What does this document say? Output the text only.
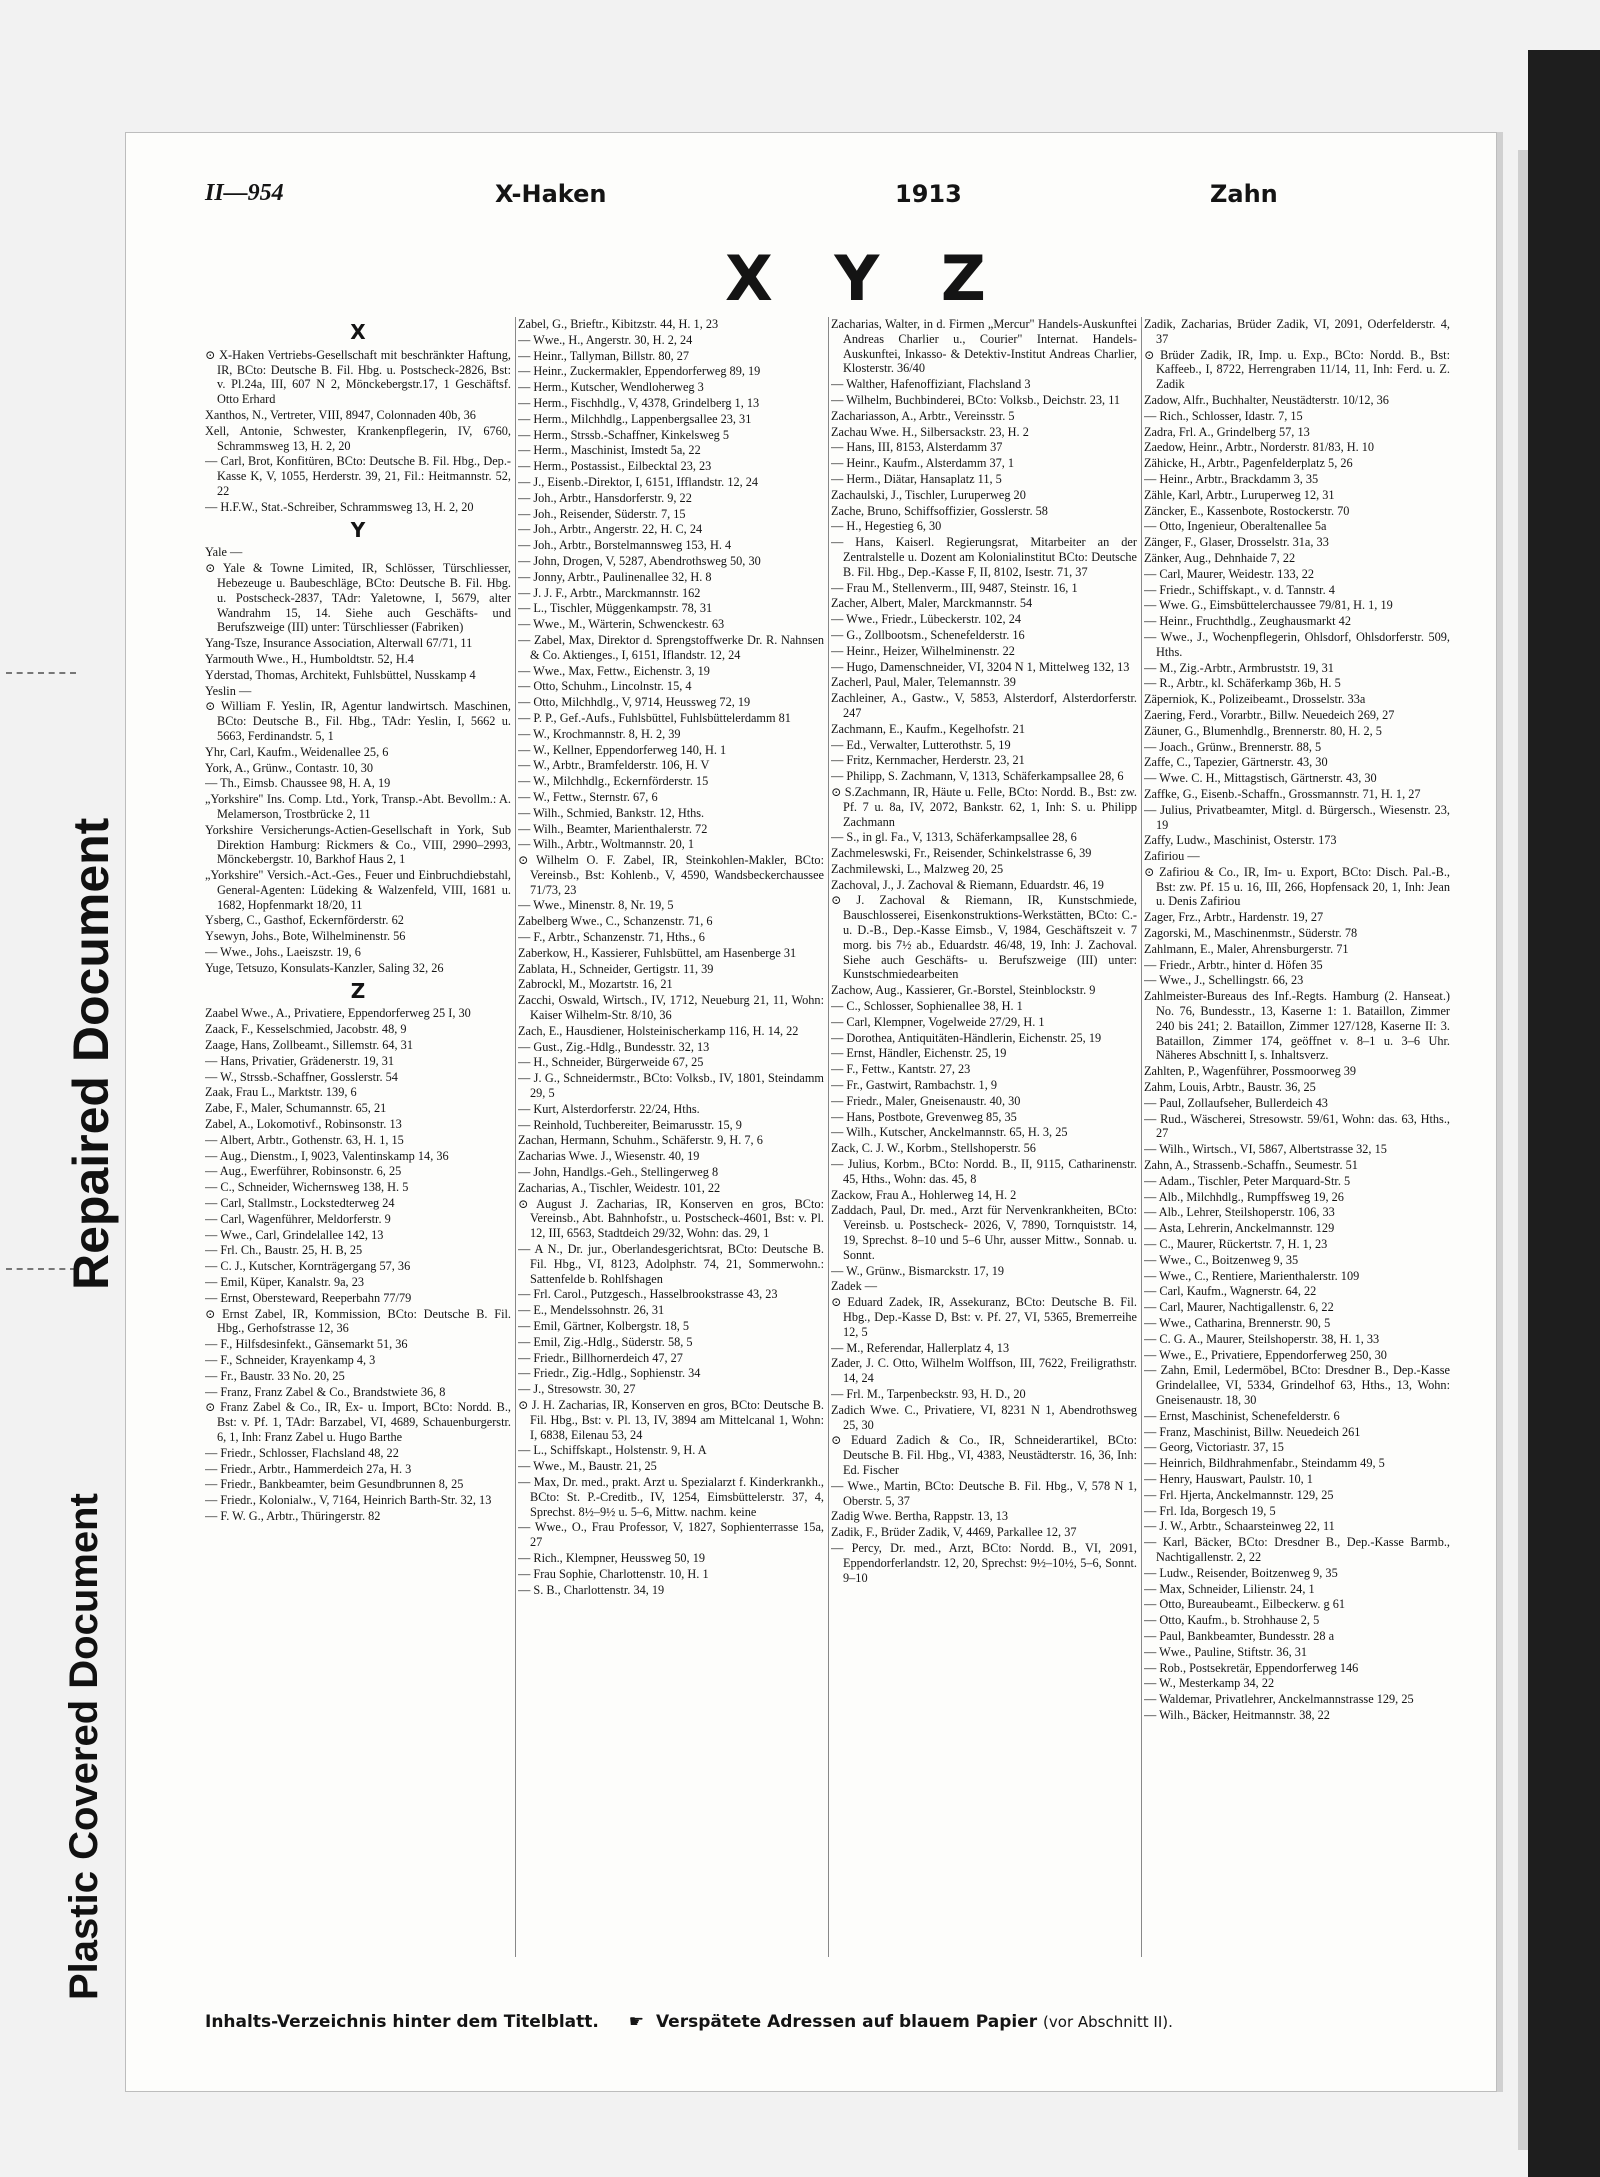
Repaired Document
Plastic Covered Document
II—954	X-Haken	1913	Zahn
X Y Z
X
⊙ X-Haken Vertriebs-Gesellschaft mit beschränkter Haftung, IR, BCto: Deutsche B. Fil. Hbg. u. Postscheck-2826, Bst: v. Pl.24a, III, 607 N 2, Mönckebergstr.17, 1 Geschäftsf. Otto Erhard
Xanthos, N., Vertreter, VIII, 8947, Colonnaden 40b, 36
Xell, Antonie, Schwester, Krankenpflegerin, IV, 6760, Schrammsweg 13, H. 2, 20
— Carl, Brot, Konfitüren, BCto: Deutsche B. Fil. Hbg., Dep.-Kasse K, V, 1055, Herderstr. 39, 21, Fil.: Heitmannstr. 52, 22
— H.F.W., Stat.-Schreiber, Schrammsweg 13, H. 2, 20
Y
Yale —
⊙ Yale & Towne Limited, IR, Schlösser, Türschliesser, Hebezeuge u. Baubeschläge, BCto: Deutsche B. Fil. Hbg. u. Postscheck-2837, TAdr: Yaletowne, I, 5679, alter Wandrahm 15, 14. Siehe auch Geschäfts- und Berufszweige (III) unter: Türschliesser (Fabriken)
Yang-Tsze, Insurance Association, Alterwall 67/71, 11
Yarmouth Wwe., H., Humboldtstr. 52, H.4
Yderstad, Thomas, Architekt, Fuhlsbüttel, Nusskamp 4
Yeslin —
⊙ William F. Yeslin, IR, Agentur landwirtsch. Maschinen, BCto: Deutsche B., Fil. Hbg., TAdr: Yeslin, I, 5662 u. 5663, Ferdinandstr. 5, 1
Yhr, Carl, Kaufm., Weidenallee 25, 6
York, A., Grünw., Contastr. 10, 30
— Th., Eimsb. Chaussee 98, H. A, 19
„Yorkshire" Ins. Comp. Ltd., York, Transp.-Abt. Bevollm.: A. Melamerson, Trostbrücke 2, 11
Yorkshire Versicherungs-Actien-Gesellschaft in York, Sub Direktion Hamburg: Rickmers & Co., VIII, 2990–2993, Mönckebergstr. 10, Barkhof Haus 2, 1
„Yorkshire" Versich.-Act.-Ges., Feuer und Einbruchdiebstahl, General-Agenten: Lüdeking & Walzenfeld, VIII, 1681 u. 1682, Hopfenmarkt 18/20, 11
Ysberg, C., Gasthof, Eckernförderstr. 62
Ysewyn, Johs., Bote, Wilhelminenstr. 56
— Wwe., Johs., Laeiszstr. 19, 6
Yuge, Tetsuzo, Konsulats-Kanzler, Saling 32, 26
Z
Zaabel Wwe., A., Privatiere, Eppendorferweg 25 I, 30
Zaack, F., Kesselschmied, Jacobstr. 48, 9
Zaage, Hans, Zollbeamt., Sillemstr. 64, 31
— Hans, Privatier, Grädenerstr. 19, 31
— W., Strssb.-Schaffner, Gosslerstr. 54
Zaak, Frau L., Marktstr. 139, 6
Zabe, F., Maler, Schumannstr. 65, 21
Zabel, A., Lokomotivf., Robinsonstr. 13
— Albert, Arbtr., Gothenstr. 63, H. 1, 15
— Aug., Dienstm., I, 9023, Valentinskamp 14, 36
— Aug., Ewerführer, Robinsonstr. 6, 25
— C., Schneider, Wichernsweg 138, H. 5
— Carl, Stallmstr., Lockstedterweg 24
— Carl, Wagenführer, Meldorferstr. 9
— Wwe., Carl, Grindelallee 142, 13
— Frl. Ch., Baustr. 25, H. B, 25
— C. J., Kutscher, Kornträgergang 57, 36
— Emil, Küper, Kanalstr. 9a, 23
— Ernst, Obersteward, Reeperbahn 77/79
⊙ Ernst Zabel, IR, Kommission, BCto: Deutsche B. Fil. Hbg., Gerhofstrasse 12, 36
— F., Hilfsdesinfekt., Gänsemarkt 51, 36
— F., Schneider, Krayenkamp 4, 3
— Fr., Baustr. 33 No. 20, 25
— Franz, Franz Zabel & Co., Brandstwiete 36, 8
⊙ Franz Zabel & Co., IR, Ex- u. Import, BCto: Nordd. B., Bst: v. Pf. 1, TAdr: Barzabel, VI, 4689, Schauenburgerstr. 6, 1, Inh: Franz Zabel u. Hugo Barthe
— Friedr., Schlosser, Flachsland 48, 22
— Friedr., Arbtr., Hammerdeich 27a, H. 3
— Friedr., Bankbeamter, beim Gesundbrunnen 8, 25
— Friedr., Kolonialw., V, 7164, Heinrich Barth-Str. 32, 13
— F. W. G., Arbtr., Thüringerstr. 82
Zabel, G., Brieftr., Kibitzstr. 44, H. 1, 23
— Wwe., H., Angerstr. 30, H. 2, 24
— Heinr., Tallyman, Billstr. 80, 27
— Heinr., Zuckermakler, Eppendorferweg 89, 19
— Herm., Kutscher, Wendloherweg 3
— Herm., Fischhdlg., V, 4378, Grindelberg 1, 13
— Herm., Milchhdlg., Lappenbergsallee 23, 31
— Herm., Strssb.-Schaffner, Kinkelsweg 5
— Herm., Maschinist, Imstedt 5a, 22
— Herm., Postassist., Eilbecktal 23, 23
— J., Eisenb.-Direktor, I, 6151, Ifflandstr. 12, 24
— Joh., Arbtr., Hansdorferstr. 9, 22
— Joh., Reisender, Süderstr. 7, 15
— Joh., Arbtr., Angerstr. 22, H. C, 24
— Joh., Arbtr., Borstelmannsweg 153, H. 4
— John, Drogen, V, 5287, Abendrothsweg 50, 30
— Jonny, Arbtr., Paulinenallee 32, H. 8
— J. J. F., Arbtr., Marckmannstr. 162
— L., Tischler, Müggenkampstr. 78, 31
— Wwe., M., Wärterin, Schwenckestr. 63
— Zabel, Max, Direktor d. Sprengstoffwerke Dr. R. Nahnsen & Co. Aktienges., I, 6151, Iflandstr. 12, 24
— Wwe., Max, Fettw., Eichenstr. 3, 19
— Otto, Schuhm., Lincolnstr. 15, 4
— Otto, Milchhdlg., V, 9714, Heussweg 72, 19
— P. P., Gef.-Aufs., Fuhlsbüttel, Fuhlsbüttelerdamm 81
— W., Krochmannstr. 8, H. 2, 39
— W., Kellner, Eppendorferweg 140, H. 1
— W., Arbtr., Bramfelderstr. 106, H. V
— W., Milchhdlg., Eckernförderstr. 15
— W., Fettw., Sternstr. 67, 6
— Wilh., Schmied, Bankstr. 12, Hths.
— Wilh., Beamter, Marienthalerstr. 72
— Wilh., Arbtr., Woltmannstr. 20, 1
⊙ Wilhelm O. F. Zabel, IR, Steinkohlen-Makler, BCto: Vereinsb., Bst: Kohlenb., V, 4590, Wandsbeckerchaussee 71/73, 23
— Wwe., Minenstr. 8, Nr. 19, 5
Zabelberg Wwe., C., Schanzenstr. 71, 6
— F., Arbtr., Schanzenstr. 71, Hths., 6
Zaberkow, H., Kassierer, Fuhlsbüttel, am Hasenberge 31
Zablata, H., Schneider, Gertigstr. 11, 39
Zabrockl, M., Mozartstr. 16, 21
Zacchi, Oswald, Wirtsch., IV, 1712, Neueburg 21, 11, Wohn: Kaiser Wilhelm-Str. 8/10, 36
Zach, E., Hausdiener, Holsteinischerkamp 116, H. 14, 22
— Gust., Zig.-Hdlg., Bundesstr. 32, 13
— H., Schneider, Bürgerweide 67, 25
— J. G., Schneidermstr., BCto: Volksb., IV, 1801, Steindamm 29, 5
— Kurt, Alsterdorferstr. 22/24, Hths.
— Reinhold, Tuchbereiter, Beimarusstr. 15, 9
Zachan, Hermann, Schuhm., Schäferstr. 9, H. 7, 6
Zacharias Wwe. J., Wiesenstr. 40, 19
— John, Handlgs.-Geh., Stellingerweg 8
Zacharias, A., Tischler, Weidestr. 101, 22
⊙ August J. Zacharias, IR, Konserven en gros, BCto: Vereinsb., Abt. Bahnhofstr., u. Postscheck-4601, Bst: v. Pl. 12, III, 6563, Stadtdeich 29/32, Wohn: das. 29, 1
— A N., Dr. jur., Oberlandesgerichtsrat, BCto: Deutsche B. Fil. Hbg., VI, 8123, Adolphstr. 74, 21, Sommerwohn.: Sattenfelde b. Rohlfshagen
— Frl. Carol., Putzgesch., Hasselbrookstrasse 43, 23
— E., Mendelssohnstr. 26, 31
— Emil, Gärtner, Kolbergstr. 18, 5
— Emil, Zig.-Hdlg., Süderstr. 58, 5
— Friedr., Billhornerdeich 47, 27
— Friedr., Zig.-Hdlg., Sophienstr. 34
— J., Stresowstr. 30, 27
⊙ J. H. Zacharias, IR, Konserven en gros, BCto: Deutsche B. Fil. Hbg., Bst: v. Pl. 13, IV, 3894 am Mittelcanal 1, Wohn: I, 6838, Eilenau 53, 24
— L., Schiffskapt., Holstenstr. 9, H. A
— Wwe., M., Baustr. 21, 25
— Max, Dr. med., prakt. Arzt u. Spezialarzt f. Kinderkrankh., BCto: St. P.-Creditb., IV, 1254, Eimsbüttelerstr. 37, 4, Sprechst. 8½–9½ u. 5–6, Mittw. nachm. keine
— Wwe., O., Frau Professor, V, 1827, Sophienterrasse 15a, 27
— Rich., Klempner, Heussweg 50, 19
— Frau Sophie, Charlottenstr. 10, H. 1
— S. B., Charlottenstr. 34, 19
Zacharias, Walter, in d. Firmen „Mercur" Handels-Auskunftei Andreas Charlier u., Courier" Internat. Handels-Auskunftei, Inkasso- & Detektiv-Institut Andreas Charlier, Klosterstr. 36/40
— Walther, Hafenoffiziant, Flachsland 3
— Wilhelm, Buchbinderei, BCto: Volksb., Deichstr. 23, 11
Zachariasson, A., Arbtr., Vereinsstr. 5
Zachau Wwe. H., Silbersackstr. 23, H. 2
— Hans, III, 8153, Alsterdamm 37
— Heinr., Kaufm., Alsterdamm 37, 1
— Herm., Diätar, Hansaplatz 11, 5
Zachaulski, J., Tischler, Luruperweg 20
Zache, Bruno, Schiffsoffizier, Gosslerstr. 58
— H., Hegestieg 6, 30
— Hans, Kaiserl. Regierungsrat, Mitarbeiter an der Zentralstelle u. Dozent am Kolonialinstitut BCto: Deutsche B. Fil. Hbg., Dep.-Kasse F, II, 8102, Isestr. 71, 37
— Frau M., Stellenverm., III, 9487, Steinstr. 16, 1
Zacher, Albert, Maler, Marckmannstr. 54
— Wwe., Friedr., Lübeckerstr. 102, 24
— G., Zollbootsm., Schenefelderstr. 16
— Heinr., Heizer, Wilhelminenstr. 22
— Hugo, Damenschneider, VI, 3204 N 1, Mittelweg 132, 13
Zacherl, Paul, Maler, Telemannstr. 39
Zachleiner, A., Gastw., V, 5853, Alsterdorf, Alsterdorferstr. 247
Zachmann, E., Kaufm., Kegelhofstr. 21
— Ed., Verwalter, Lutterothstr. 5, 19
— Fritz, Kernmacher, Herderstr. 23, 21
— Philipp, S. Zachmann, V, 1313, Schäferkampsallee 28, 6
⊙ S.Zachmann, IR, Häute u. Felle, BCto: Nordd. B., Bst: zw. Pf. 7 u. 8a, IV, 2072, Bankstr. 62, 1, Inh: S. u. Philipp Zachmann
— S., in gl. Fa., V, 1313, Schäferkampsallee 28, 6
Zachmeleswski, Fr., Reisender, Schinkelstrasse 6, 39
Zachmilewski, L., Malzweg 20, 25
Zachoval, J., J. Zachoval & Riemann, Eduardstr. 46, 19
⊙ J. Zachoval & Riemann, IR, Kunstschmiede, Bauschlosserei, Eisenkonstruktions-Werkstätten, BCto: C.-u. D.-B., Dep.-Kasse Eimsb., V, 1984, Geschäftszeit v. 7 morg. bis 7½ ab., Eduardstr. 46/48, 19, Inh: J. Zachoval. Siehe auch Geschäfts- u. Berufszweige (III) unter: Kunstschmiedearbeiten
Zachow, Aug., Kassierer, Gr.-Borstel, Steinblockstr. 9
— C., Schlosser, Sophienallee 38, H. 1
— Carl, Klempner, Vogelweide 27/29, H. 1
— Dorothea, Antiquitäten-Händlerin, Eichenstr. 25, 19
— Ernst, Händler, Eichenstr. 25, 19
— F., Fettw., Kantstr. 27, 23
— Fr., Gastwirt, Rambachstr. 1, 9
— Friedr., Maler, Gneisenaustr. 40, 30
— Hans, Postbote, Grevenweg 85, 35
— Wilh., Kutscher, Anckelmannstr. 65, H. 3, 25
Zack, C. J. W., Korbm., Stellshoperstr. 56
— Julius, Korbm., BCto: Nordd. B., II, 9115, Catharinenstr. 45, Hths., Wohn: das. 45, 8
Zackow, Frau A., Hohlerweg 14, H. 2
Zaddach, Paul, Dr. med., Arzt für Nervenkrankheiten, BCto: Vereinsb. u. Postscheck- 2026, V, 7890, Tornquiststr. 14, 19, Sprechst. 8–10 und 5–6 Uhr, ausser Mittw., Sonnab. u. Sonnt.
— W., Grünw., Bismarckstr. 17, 19
Zadek —
⊙ Eduard Zadek, IR, Assekuranz, BCto: Deutsche B. Fil. Hbg., Dep.-Kasse D, Bst: v. Pf. 27, VI, 5365, Bremerreihe 12, 5
— M., Referendar, Hallerplatz 4, 13
Zader, J. C. Otto, Wilhelm Wolffson, III, 7622, Freiligrathstr. 14, 24
— Frl. M., Tarpenbeckstr. 93, H. D., 20
Zadich Wwe. C., Privatiere, VI, 8231 N 1, Abendrothsweg 25, 30
⊙ Eduard Zadich & Co., IR, Schneiderartikel, BCto: Deutsche B. Fil. Hbg., VI, 4383, Neustädterstr. 16, 36, Inh: Ed. Fischer
— Wwe., Martin, BCto: Deutsche B. Fil. Hbg., V, 578 N 1, Oberstr. 5, 37
Zadig Wwe. Bertha, Rappstr. 13, 13
Zadik, F., Brüder Zadik, V, 4469, Parkallee 12, 37
— Percy, Dr. med., Arzt, BCto: Nordd. B., VI, 2091, Eppendorferlandstr. 12, 20, Sprechst: 9½–10½, 5–6, Sonnt. 9–10
Zadik, Zacharias, Brüder Zadik, VI, 2091, Oderfelderstr. 4, 37
⊙ Brüder Zadik, IR, Imp. u. Exp., BCto: Nordd. B., Bst: Kaffeeb., I, 8722, Herrengraben 11/14, 11, Inh: Ferd. u. Z. Zadik
Zadow, Alfr., Buchhalter, Neustädterstr. 10/12, 36
— Rich., Schlosser, Idastr. 7, 15
Zadra, Frl. A., Grindelberg 57, 13
Zaedow, Heinr., Arbtr., Norderstr. 81/83, H. 10
Zähicke, H., Arbtr., Pagenfelderplatz 5, 26
— Heinr., Arbtr., Brackdamm 3, 35
Zähle, Karl, Arbtr., Luruperweg 12, 31
Zäncker, E., Kassenbote, Rostockerstr. 70
— Otto, Ingenieur, Oberaltenallee 5a
Zänger, F., Glaser, Drosselstr. 31a, 33
Zänker, Aug., Dehnhaide 7, 22
— Carl, Maurer, Weidestr. 133, 22
— Friedr., Schiffskapt., v. d. Tannstr. 4
— Wwe. G., Eimsbüttelerchaussee 79/81, H. 1, 19
— Heinr., Fruchthdlg., Zeughausmarkt 42
— Wwe., J., Wochenpflegerin, Ohlsdorf, Ohlsdorferstr. 509, Hths.
— M., Zig.-Arbtr., Armbruststr. 19, 31
— R., Arbtr., kl. Schäferkamp 36b, H. 5
Zäperniok, K., Polizeibeamt., Drosselstr. 33a
Zaering, Ferd., Vorarbtr., Billw. Neuedeich 269, 27
Zäuner, G., Blumenhdlg., Brennerstr. 80, H. 2, 5
— Joach., Grünw., Brennerstr. 88, 5
Zaffe, C., Tapezier, Gärtnerstr. 43, 30
— Wwe. C. H., Mittagstisch, Gärtnerstr. 43, 30
Zaffke, G., Eisenb.-Schaffn., Grossmannstr. 71, H. 1, 27
— Julius, Privatbeamter, Mitgl. d. Bürgersch., Wiesenstr. 23, 19
Zaffy, Ludw., Maschinist, Osterstr. 173
Zafiriou —
⊙ Zafiriou & Co., IR, Im- u. Export, BCto: Disch. Pal.-B., Bst: zw. Pf. 15 u. 16, III, 266, Hopfensack 20, 1, Inh: Jean u. Denis Zafiriou
Zager, Frz., Arbtr., Hardenstr. 19, 27
Zagorski, M., Maschinenmstr., Süderstr. 78
Zahlmann, E., Maler, Ahrensburgerstr. 71
— Friedr., Arbtr., hinter d. Höfen 35
— Wwe., J., Schellingstr. 66, 23
Zahlmeister-Bureaus des Inf.-Regts. Hamburg (2. Hanseat.) No. 76, Bundesstr., 13, Kaserne 1: 1. Bataillon, Zimmer 240 bis 241; 2. Bataillon, Zimmer 127/128, Kaserne II: 3. Bataillon, Zimmer 174, geöffnet v. 8–1 u. 3–6 Uhr. Näheres Abschnitt I, s. Inhaltsverz.
Zahlten, P., Wagenführer, Possmoorweg 39
Zahm, Louis, Arbtr., Baustr. 36, 25
— Paul, Zollaufseher, Bullerdeich 43
— Rud., Wäscherei, Stresowstr. 59/61, Wohn: das. 63, Hths., 27
— Wilh., Wirtsch., VI, 5867, Albertstrasse 32, 15
Zahn, A., Strassenb.-Schaffn., Seumestr. 51
— Adam., Tischler, Peter Marquard-Str. 5
— Alb., Milchhdlg., Rumpffsweg 19, 26
— Alb., Lehrer, Steilshoperstr. 106, 33
— Asta, Lehrerin, Anckelmannstr. 129
— C., Maurer, Rückertstr. 7, H. 1, 23
— Wwe., C., Boitzenweg 9, 35
— Wwe., C., Rentiere, Marienthalerstr. 109
— Carl, Kaufm., Wagnerstr. 64, 22
— Carl, Maurer, Nachtigallenstr. 6, 22
— Wwe., Catharina, Brennerstr. 90, 5
— C. G. A., Maurer, Steilshoperstr. 38, H. 1, 33
— Wwe., E., Privatiere, Eppendorferweg 250, 30
— Zahn, Emil, Ledermöbel, BCto: Dresdner B., Dep.-Kasse Grindelallee, VI, 5334, Grindelhof 63, Hths., 13, Wohn: Gneisenaustr. 18, 30
— Ernst, Maschinist, Schenefelderstr. 6
— Franz, Maschinist, Billw. Neuedeich 261
— Georg, Victoriastr. 37, 15
— Heinrich, Bildhrahmenfabr., Steindamm 49, 5
— Henry, Hauswart, Paulstr. 10, 1
— Frl. Hjerta, Anckelmannstr. 129, 25
— Frl. Ida, Borgesch 19, 5
— J. W., Arbtr., Schaarsteinweg 22, 11
— Karl, Bäcker, BCto: Dresdner B., Dep.-Kasse Barmb., Nachtigallenstr. 2, 22
— Ludw., Reisender, Boitzenweg 9, 35
— Max, Schneider, Lilienstr. 24, 1
— Otto, Bureaubeamt., Eilbeckerw. g 61
— Otto, Kaufm., b. Strohhause 2, 5
— Paul, Bankbeamter, Bundesstr. 28 a
— Wwe., Pauline, Stiftstr. 36, 31
— Rob., Postsekretär, Eppendorferweg 146
— W., Mesterkamp 34, 22
— Waldemar, Privatlehrer, Anckelmannstrasse 129, 25
— Wilh., Bäcker, Heitmannstr. 38, 22
Inhalts-Verzeichnis hinter dem Titelblatt. ☛ Verspätete Adressen auf blauem Papier (vor Abschnitt II).
